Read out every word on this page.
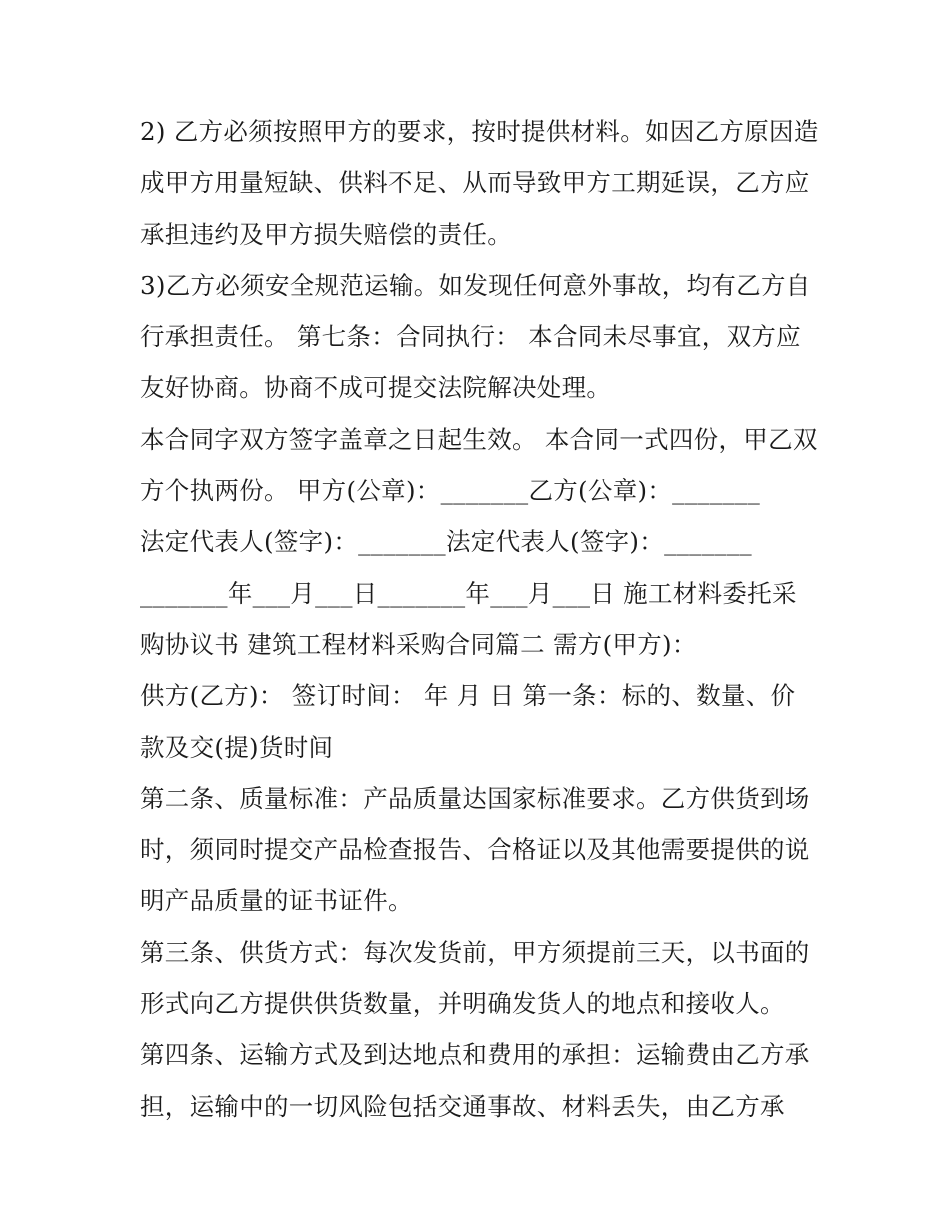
2) 乙方必须按照甲方的要求，按时提供材料。如因乙方原因造成甲方用量短缺、供料不足、从而导致甲方工期延误，乙方应承担违约及甲方损失赔偿的责任。

3)乙方必须安全规范运输。如发现任何意外事故，均有乙方自行承担责任。 第七条：合同执行： 本合同未尽事宜，双方应友好协商。协商不成可提交法院解决处理。

本合同字双方签字盖章之日起生效。 本合同一式四份，甲乙双方个执两份。 甲方(公章)：_______乙方(公章)：_______

法定代表人(签字)：_______法定代表人(签字)：_______

_______年___月___日_______年___月___日 施工材料委托采购协议书 建筑工程材料采购合同篇二 需方(甲方)：

供方(乙方)： 签订时间： 年 月 日 第一条：标的、数量、价款及交(提)货时间

第二条、质量标准：产品质量达国家标准要求。乙方供货到场时，须同时提交产品检查报告、合格证以及其他需要提供的说明产品质量的证书证件。

第三条、供货方式：每次发货前，甲方须提前三天，以书面的形式向乙方提供供货数量，并明确发货人的地点和接收人。

第四条、运输方式及到达地点和费用的承担：运输费由乙方承担，运输中的一切风险包括交通事故、材料丢失，由乙方承
